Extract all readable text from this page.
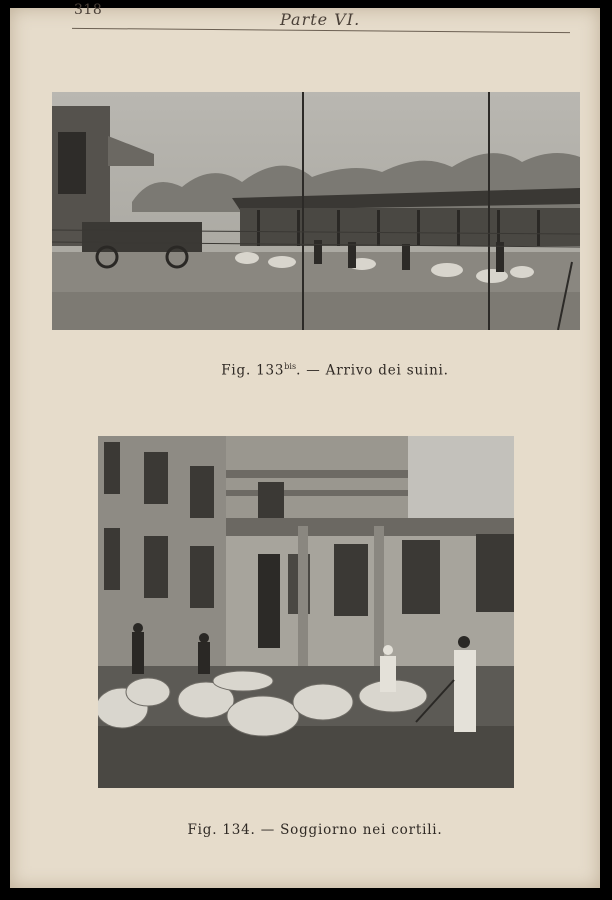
318	Parte VI.

Fig. $133^{bis}$. — Arrivo dei suini.

Fig. 134. — Soggiorno nei cortili.
